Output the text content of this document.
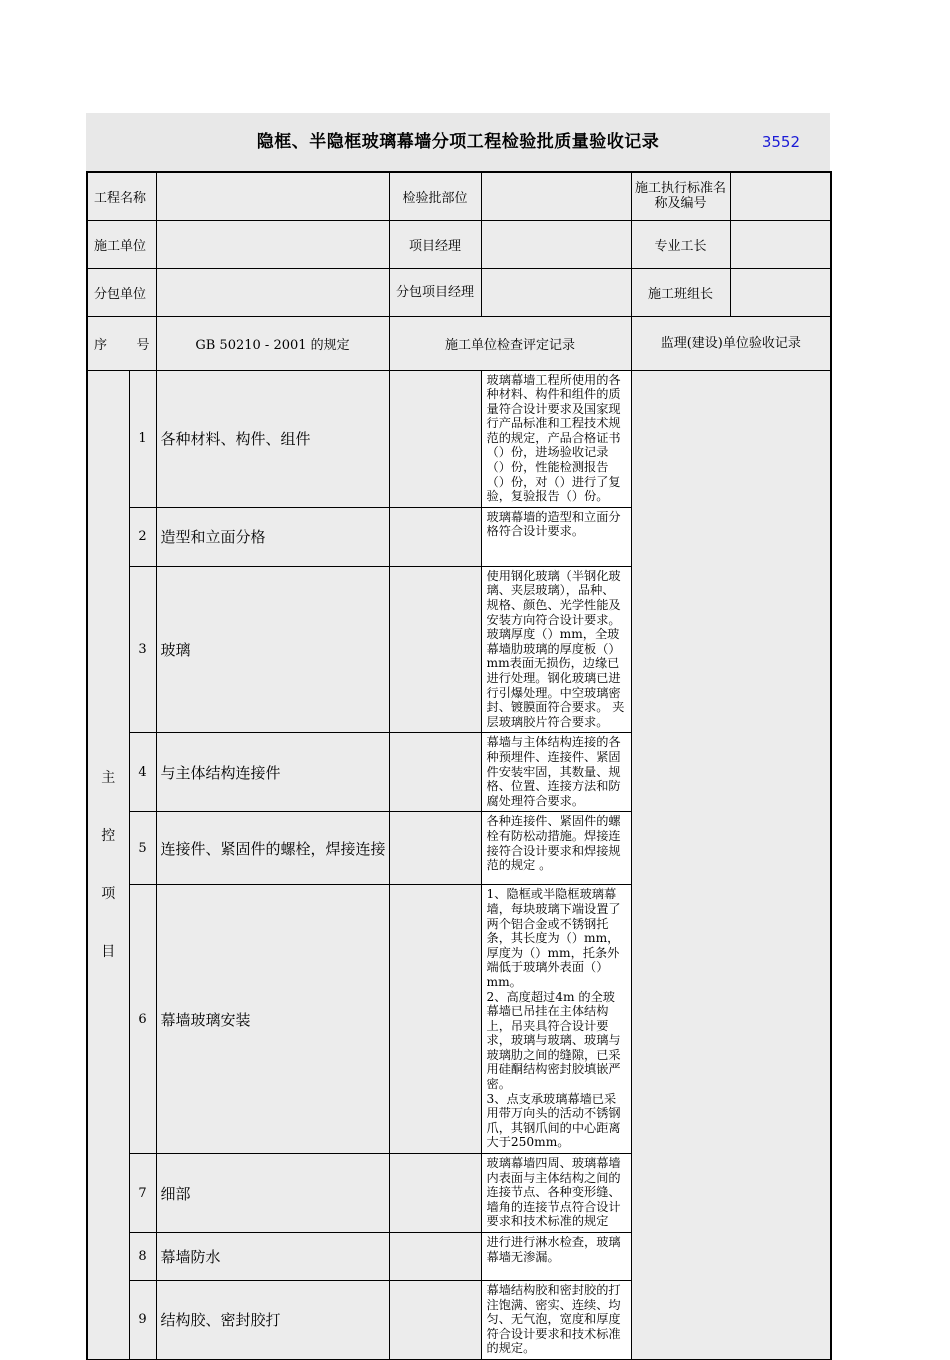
隐框、半隐框玻璃幕墙分项工程检验批质量验收记录	3552
工程名称			检验批部位		施工执行标准名称及编号	
施工单位			项目经理		专业工长	
分包单位			分包项目经理		施工班组长	

序 号		GB 50210 - 2001 的规定	施工单位检查评定记录		监理(建设)单位验收记录	

主
控
项
目	1	各种材料、构件、组件		玻璃幕墙工程所使用的各种材料、构件和组件的质量符合设计要求及国家现行产品标准和工程技术规范的规定，产品合格证书（）份，进场验收记录（）份，性能检测报告（）份，对（）进行了复验，复验报告（）份。		
	2	造型和立面分格		玻璃幕墙的造型和立面分格符合设计要求。		
	3	玻璃		使用钢化玻璃（半钢化玻璃、夹层玻璃），品种、规格、颜色、光学性能及安装方向符合设计要求。 玻璃厚度（）mm，全玻幕墙肋玻璃的厚度板（）mm表面无损伤，边缘已进行处理。钢化玻璃已进行引爆处理。中空玻璃密封、镀膜面符合要求。 夹层玻璃胶片符合要求。		
	4	与主体结构连接件		幕墙与主体结构连接的各种预埋件、连接件、紧固件安装牢固，其数量、规格、位置、连接方法和防腐处理符合要求。		
	5	连接件、紧固件的螺栓，焊接连接		各种连接件、紧固件的螺栓有防松动措施。焊接连接符合设计要求和焊接规范的规定 。		
	6	幕墙玻璃安装		1、隐框或半隐框玻璃幕墙，每块玻璃下端设置了两个铝合金或不锈钢托条，其长度为（）mm，厚度为（）mm，托条外端低于玻璃外表面（）mm。
2、高度超过4m 的全玻幕墙已吊挂在主体结构上，吊夹具符合设计要求，玻璃与玻璃、玻璃与玻璃肋之间的缝隙，已采用硅酮结构密封胶填嵌严密。
3、点支承玻璃幕墙已采用带万向头的活动不锈钢爪，其钢爪间的中心距离大于250mm。		
	7	细部		玻璃幕墙四周、玻璃幕墙内表面与主体结构之间的连接节点、各种变形缝、墙角的连接节点符合设计要求和技术标准的规定		
	8	幕墙防水		进行进行淋水检查，玻璃幕墙无渗漏。		
	9	结构胶、密封胶打		幕墙结构胶和密封胶的打注饱满、密实、连续、均匀、无气泡，宽度和厚度符合设计要求和技术标准的规定。		
